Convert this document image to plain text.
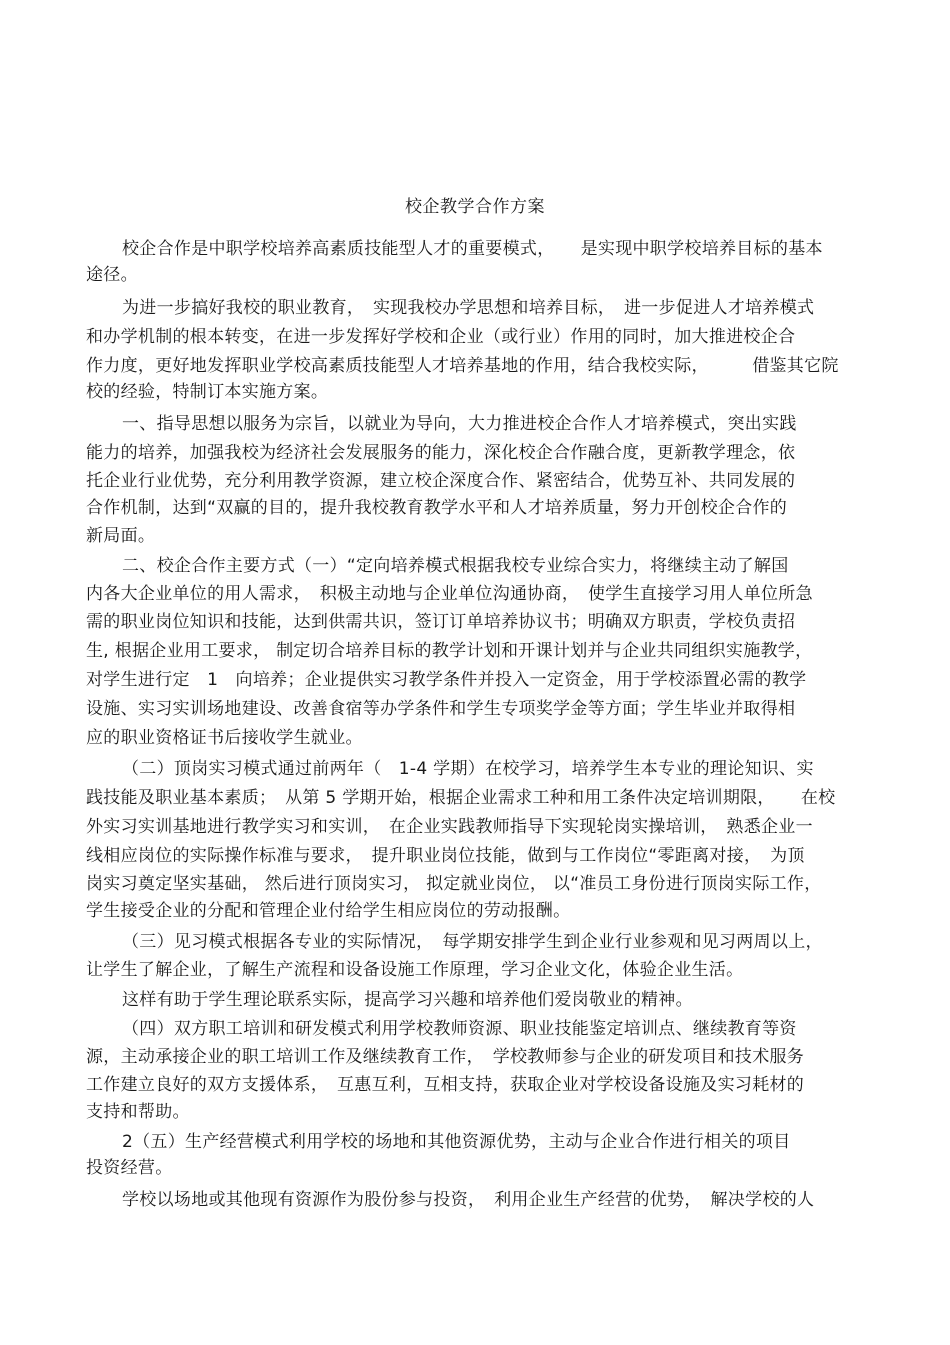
校企教学合作方案
校企合作是中职学校培养高素质技能型人才的重要模式，　　是实现中职学校培养目标的基本
途径。
为进一步搞好我校的职业教育，　实现我校办学思想和培养目标，　进一步促进人才培养模式
和办学机制的根本转变，在进一步发挥好学校和企业（或行业）作用的同时，加大推进校企合
作力度，更好地发挥职业学校高素质技能型人才培养基地的作用，结合我校实际，　　　借鉴其它院
校的经验，特制订本实施方案。
一、指导思想以服务为宗旨，以就业为导向，大力推进校企合作人才培养模式，突出实践
能力的培养，加强我校为经济社会发展服务的能力，深化校企合作融合度，更新教学理念，依
托企业行业优势，充分利用教学资源，建立校企深度合作、紧密结合，优势互补、共同发展的
合作机制，达到“双赢的目的，提升我校教育教学水平和人才培养质量，努力开创校企合作的
新局面。
二、校企合作主要方式（一）“定向培养模式根据我校专业综合实力，将继续主动了解国
内各大企业单位的用人需求，　积极主动地与企业单位沟通协商，　使学生直接学习用人单位所急
需的职业岗位知识和技能，达到供需共识，签订订单培养协议书；明确双方职责，学校负责招
生, 根据企业用工要求， 制定切合培养目标的教学计划和开课计划并与企业共同组织实施教学，
对学生进行定　1　向培养；企业提供实习教学条件并投入一定资金，用于学校添置必需的教学
设施、实习实训场地建设、改善食宿等办学条件和学生专项奖学金等方面；学生毕业并取得相
应的职业资格证书后接收学生就业。
（二）顶岗实习模式通过前两年（　1-4 学期）在校学习，培养学生本专业的理论知识、实
践技能及职业基本素质；　从第 5 学期开始，根据企业需求工种和用工条件决定培训期限，　　在校
外实习实训基地进行教学实习和实训，　在企业实践教师指导下实现轮岗实操培训，　熟悉企业一
线相应岗位的实际操作标准与要求，　提升职业岗位技能，做到与工作岗位“零距离对接，　为顶
岗实习奠定坚实基础， 然后进行顶岗实习， 拟定就业岗位， 以“准员工身份进行顶岗实际工作，
学生接受企业的分配和管理企业付给学生相应岗位的劳动报酬。
（三）见习模式根据各专业的实际情况，　每学期安排学生到企业行业参观和见习两周以上，
让学生了解企业，了解生产流程和设备设施工作原理，学习企业文化，体验企业生活。
这样有助于学生理论联系实际，提高学习兴趣和培养他们爱岗敬业的精神。
（四）双方职工培训和研发模式利用学校教师资源、职业技能鉴定培训点、继续教育等资
源，主动承接企业的职工培训工作及继续教育工作，　学校教师参与企业的研发项目和技术服务
工作建立良好的双方支援体系，　互惠互利，互相支持，获取企业对学校设备设施及实习耗材的
支持和帮助。
2（五）生产经营模式利用学校的场地和其他资源优势，主动与企业合作进行相关的项目
投资经营。
学校以场地或其他现有资源作为股份参与投资，　利用企业生产经营的优势，　解决学校的人
